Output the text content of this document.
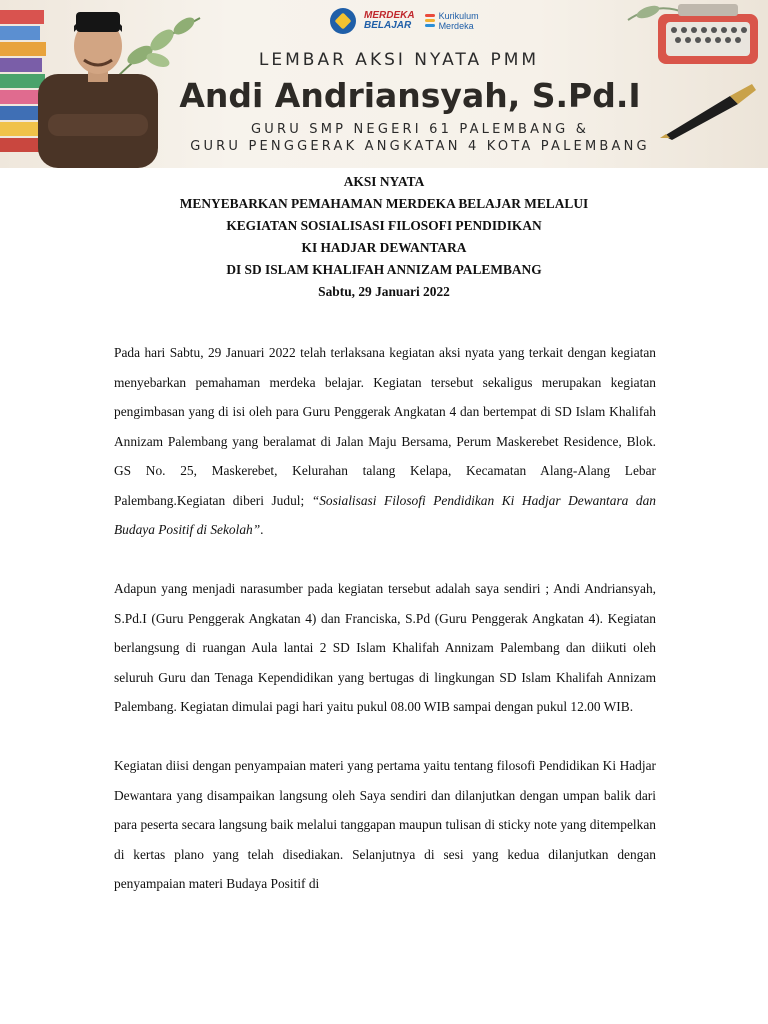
MERDEKA
BELAJAR
Kurikulum
Merdeka
LEMBAR AKSI NYATA PMM
Andi Andriansyah, S.Pd.I
GURU SMP NEGERI 61 PALEMBANG &
GURU PENGGERAK ANGKATAN 4 KOTA PALEMBANG
AKSI NYATA
MENYEBARKAN PEMAHAMAN MERDEKA BELAJAR MELALUI
KEGIATAN SOSIALISASI FILOSOFI PENDIDIKAN
KI HADJAR DEWANTARA
DI SD ISLAM KHALIFAH ANNIZAM PALEMBANG
Sabtu, 29 Januari 2022

Pada hari Sabtu, 29 Januari 2022 telah terlaksana kegiatan aksi nyata yang terkait dengan kegiatan menyebarkan pemahaman merdeka belajar. Kegiatan tersebut sekaligus merupakan kegiatan pengimbasan yang di isi oleh para Guru Penggerak Angkatan 4 dan bertempat di SD Islam Khalifah Annizam Palembang yang beralamat di Jalan Maju Bersama, Perum Maskerebet Residence, Blok. GS No. 25, Maskerebet, Kelurahan talang Kelapa, Kecamatan Alang-Alang Lebar Palembang.Kegiatan diberi Judul; “Sosialisasi Filosofi Pendidikan Ki Hadjar Dewantara dan Budaya Positif di Sekolah”.

Adapun yang menjadi narasumber pada kegiatan tersebut adalah saya sendiri ; Andi Andriansyah, S.Pd.I (Guru Penggerak Angkatan 4) dan Franciska, S.Pd (Guru Penggerak Angkatan 4). Kegiatan berlangsung di ruangan Aula lantai 2 SD Islam Khalifah Annizam Palembang dan diikuti oleh seluruh Guru dan Tenaga Kependidikan yang bertugas di lingkungan SD Islam Khalifah Annizam Palembang. Kegiatan dimulai pagi hari yaitu pukul 08.00 WIB sampai dengan pukul 12.00 WIB.

Kegiatan diisi dengan penyampaian materi yang pertama yaitu tentang filosofi Pendidikan Ki Hadjar Dewantara yang disampaikan langsung oleh Saya sendiri dan dilanjutkan dengan umpan balik dari para peserta secara langsung baik melalui tanggapan maupun tulisan di sticky note yang ditempelkan di kertas plano yang telah disediakan. Selanjutnya di sesi yang kedua dilanjutkan dengan penyampaian materi Budaya Positif di
